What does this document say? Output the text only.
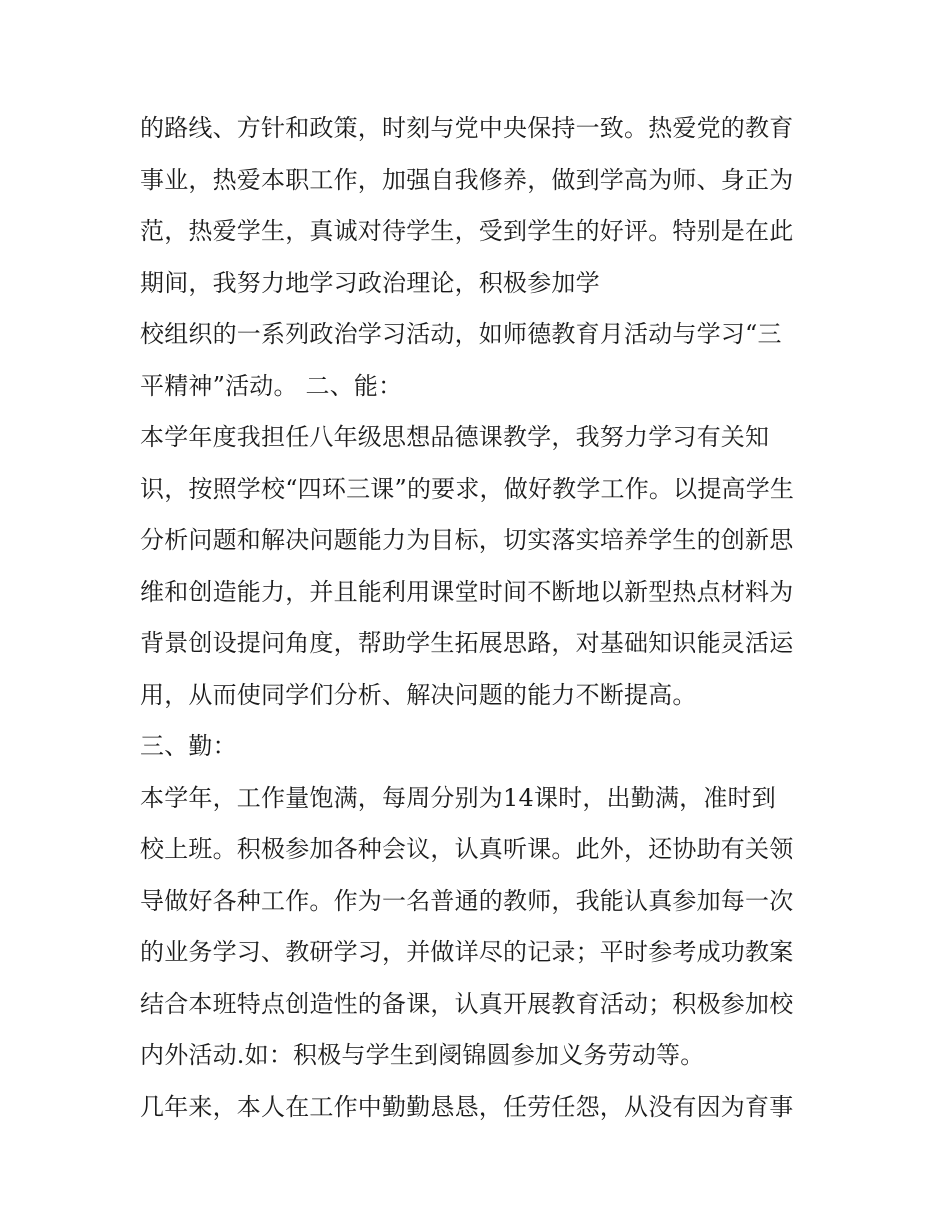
的路线、方针和政策，时刻与党中央保持一致。热爱党的教育
事业，热爱本职工作，加强自我修养，做到学高为师、身正为
范，热爱学生，真诚对待学生，受到学生的好评。特别是在此
期间，我努力地学习政治理论，积极参加学
校组织的一系列政治学习活动，如师德教育月活动与学习“三
平精神”活动。 二、能：
本学年度我担任八年级思想品德课教学，我努力学习有关知
识，按照学校“四环三课”的要求，做好教学工作。以提高学生
分析问题和解决问题能力为目标，切实落实培养学生的创新思
维和创造能力，并且能利用课堂时间不断地以新型热点材料为
背景创设提问角度，帮助学生拓展思路，对基础知识能灵活运
用，从而使同学们分析、解决问题的能力不断提高。
三、勤：
本学年，工作量饱满，每周分别为14课时，出勤满，准时到
校上班。积极参加各种会议，认真听课。此外，还协助有关领
导做好各种工作。作为一名普通的教师，我能认真参加每一次
的业务学习、教研学习，并做详尽的记录；平时参考成功教案
结合本班特点创造性的备课，认真开展教育活动；积极参加校
内外活动.如：积极与学生到阌锦圆参加义务劳动等。
几年来，本人在工作中勤勤恳恳，任劳任怨，从没有因为育事
